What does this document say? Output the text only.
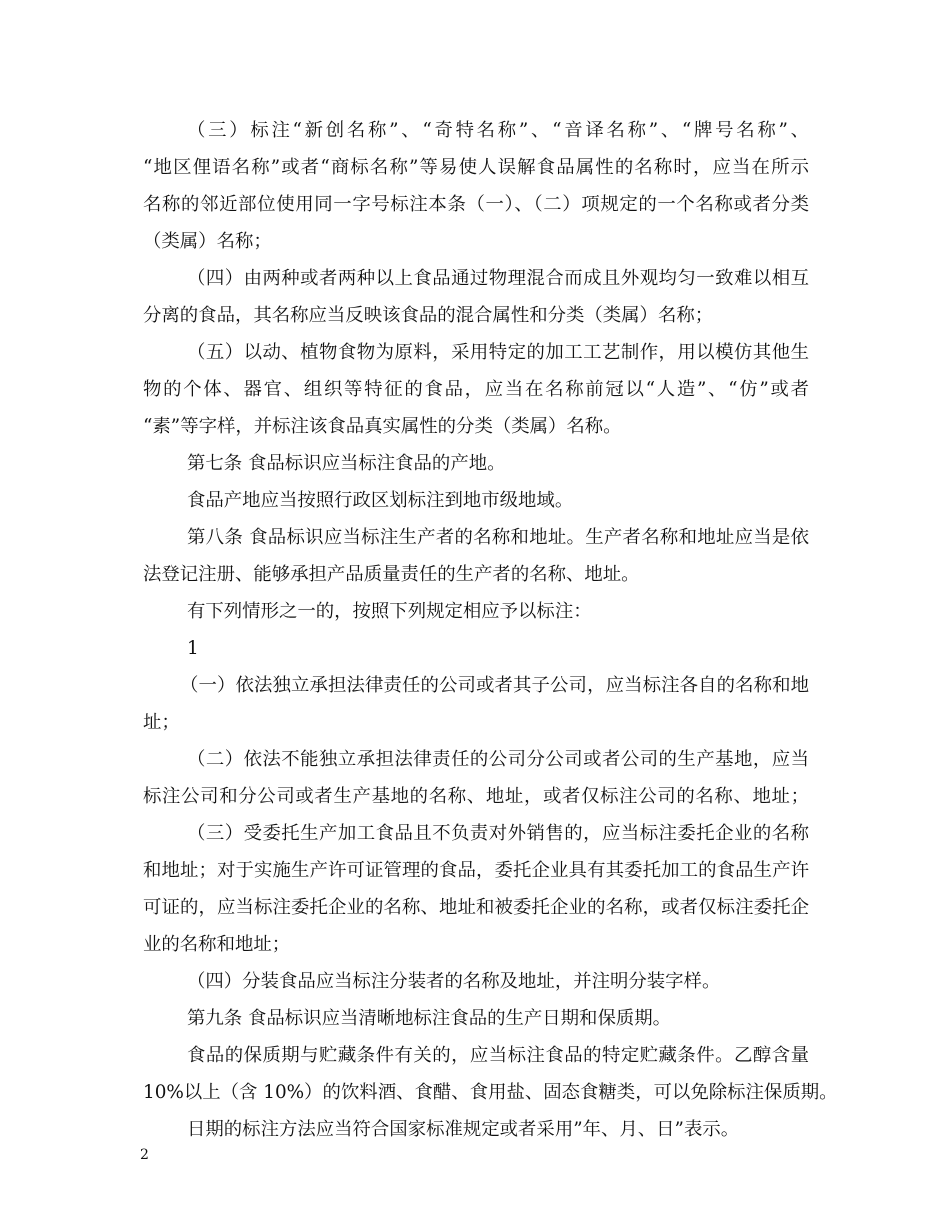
（三）标注“新创名称”、“奇特名称”、“音译名称”、“牌号名称”、
“地区俚语名称”或者“商标名称”等易使人误解食品属性的名称时，应当在所示
名称的邻近部位使用同一字号标注本条（一）、（二）项规定的一个名称或者分类
（类属）名称；
（四）由两种或者两种以上食品通过物理混合而成且外观均匀一致难以相互
分离的食品，其名称应当反映该食品的混合属性和分类（类属）名称；
（五）以动、植物食物为原料，采用特定的加工工艺制作，用以模仿其他生
物的个体、器官、组织等特征的食品，应当在名称前冠以“人造”、“仿”或者
“素”等字样，并标注该食品真实属性的分类（类属）名称。
第七条 食品标识应当标注食品的产地。
食品产地应当按照行政区划标注到地市级地域。
第八条 食品标识应当标注生产者的名称和地址。生产者名称和地址应当是依
法登记注册、能够承担产品质量责任的生产者的名称、地址。
有下列情形之一的，按照下列规定相应予以标注：
1
（一）依法独立承担法律责任的公司或者其子公司，应当标注各自的名称和地
址；
（二）依法不能独立承担法律责任的公司分公司或者公司的生产基地，应当
标注公司和分公司或者生产基地的名称、地址，或者仅标注公司的名称、地址；
（三）受委托生产加工食品且不负责对外销售的，应当标注委托企业的名称
和地址；对于实施生产许可证管理的食品，委托企业具有其委托加工的食品生产许
可证的，应当标注委托企业的名称、地址和被委托企业的名称，或者仅标注委托企
业的名称和地址；
（四）分装食品应当标注分装者的名称及地址，并注明分装字样。
第九条 食品标识应当清晰地标注食品的生产日期和保质期。
食品的保质期与贮藏条件有关的，应当标注食品的特定贮藏条件。乙醇含量
10%以上（含 10%）的饮料酒、食醋、食用盐、固态食糖类，可以免除标注保质期。
日期的标注方法应当符合国家标准规定或者采用”年、月、日”表示。
2
